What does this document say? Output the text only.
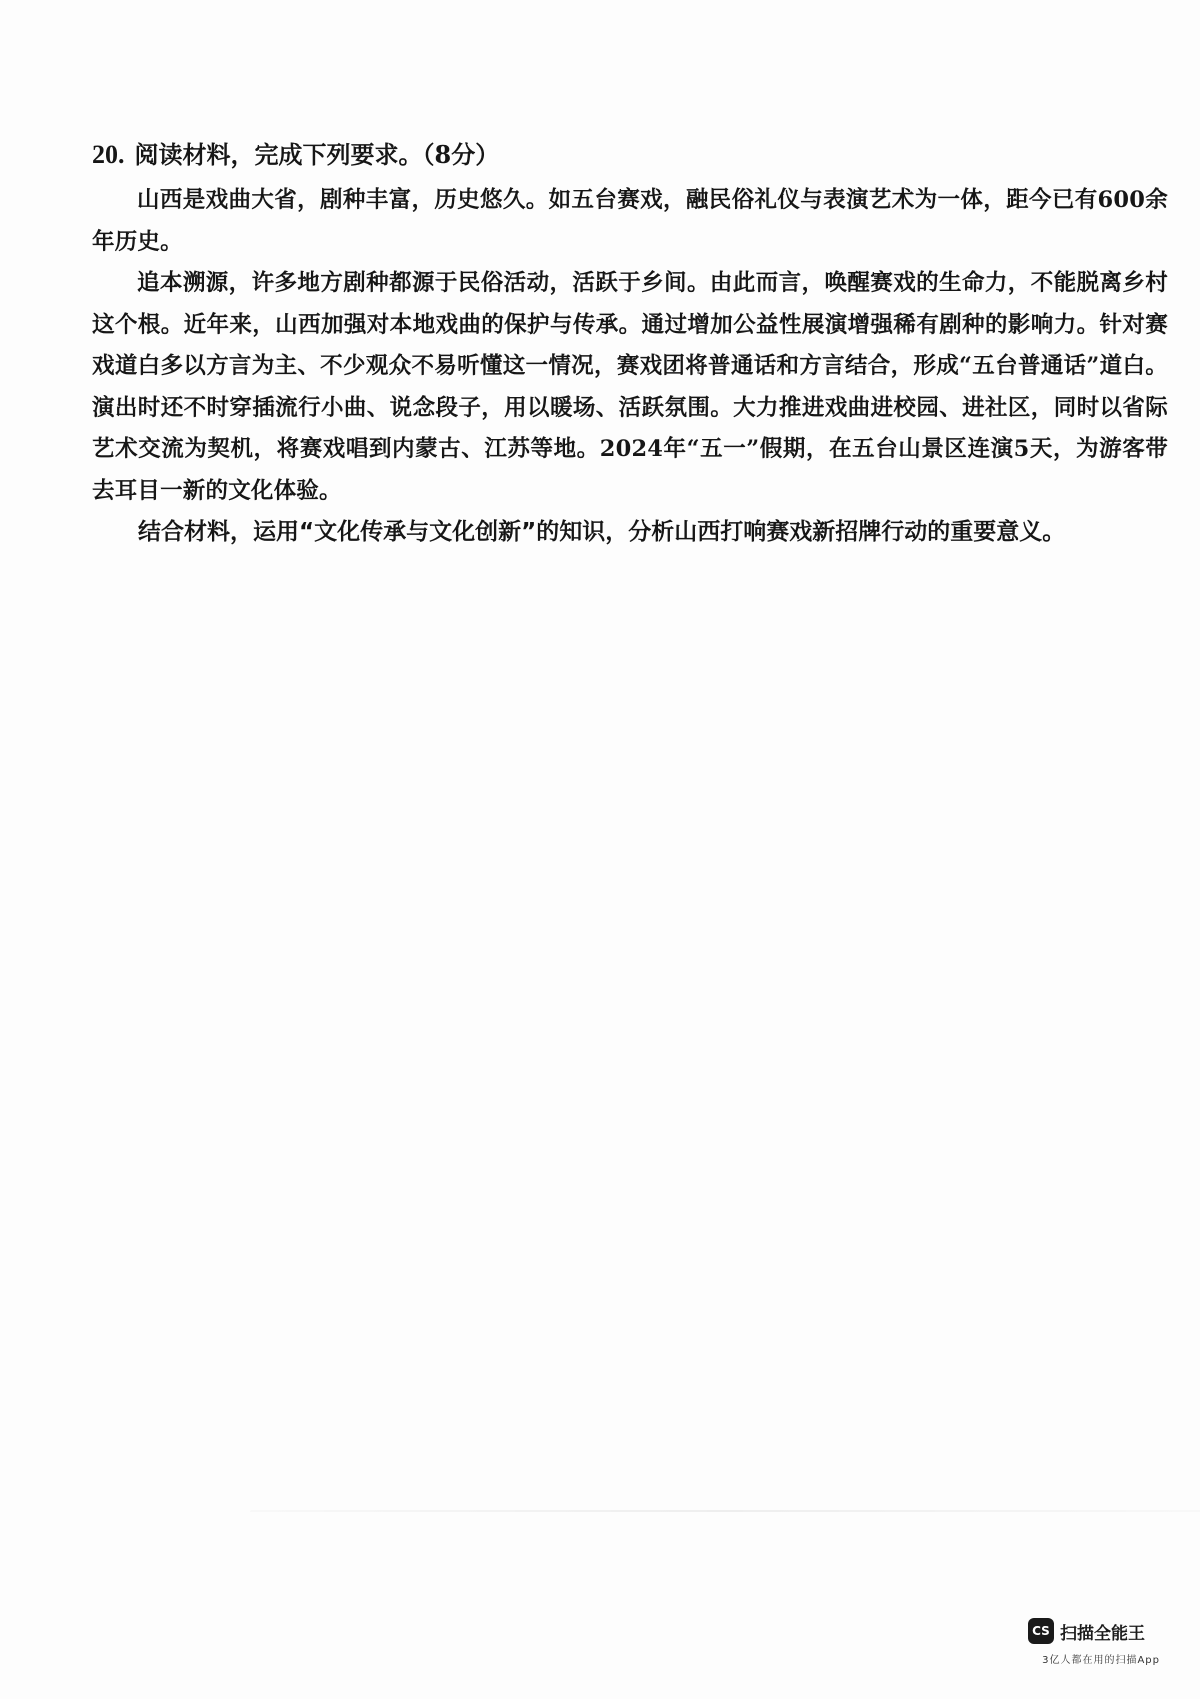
20. 阅读材料，完成下列要求。（8分）

山西是戏曲大省，剧种丰富，历史悠久。如五台赛戏，融民俗礼仪与表演艺术为一体，距今已有600余年历史。

追本溯源，许多地方剧种都源于民俗活动，活跃于乡间。由此而言，唤醒赛戏的生命力，不能脱离乡村这个根。近年来，山西加强对本地戏曲的保护与传承。通过增加公益性展演增强稀有剧种的影响力。针对赛戏道白多以方言为主、不少观众不易听懂这一情况，赛戏团将普通话和方言结合，形成“五台普通话”道白。演出时还不时穿插流行小曲、说念段子，用以暖场、活跃氛围。大力推进戏曲进校园、进社区，同时以省际艺术交流为契机，将赛戏唱到内蒙古、江苏等地。2024年“五一”假期，在五台山景区连演5天，为游客带去耳目一新的文化体验。

结合材料，运用“文化传承与文化创新”的知识，分析山西打响赛戏新招牌行动的重要意义。

CS 扫描全能王
3亿人都在用的扫描App
